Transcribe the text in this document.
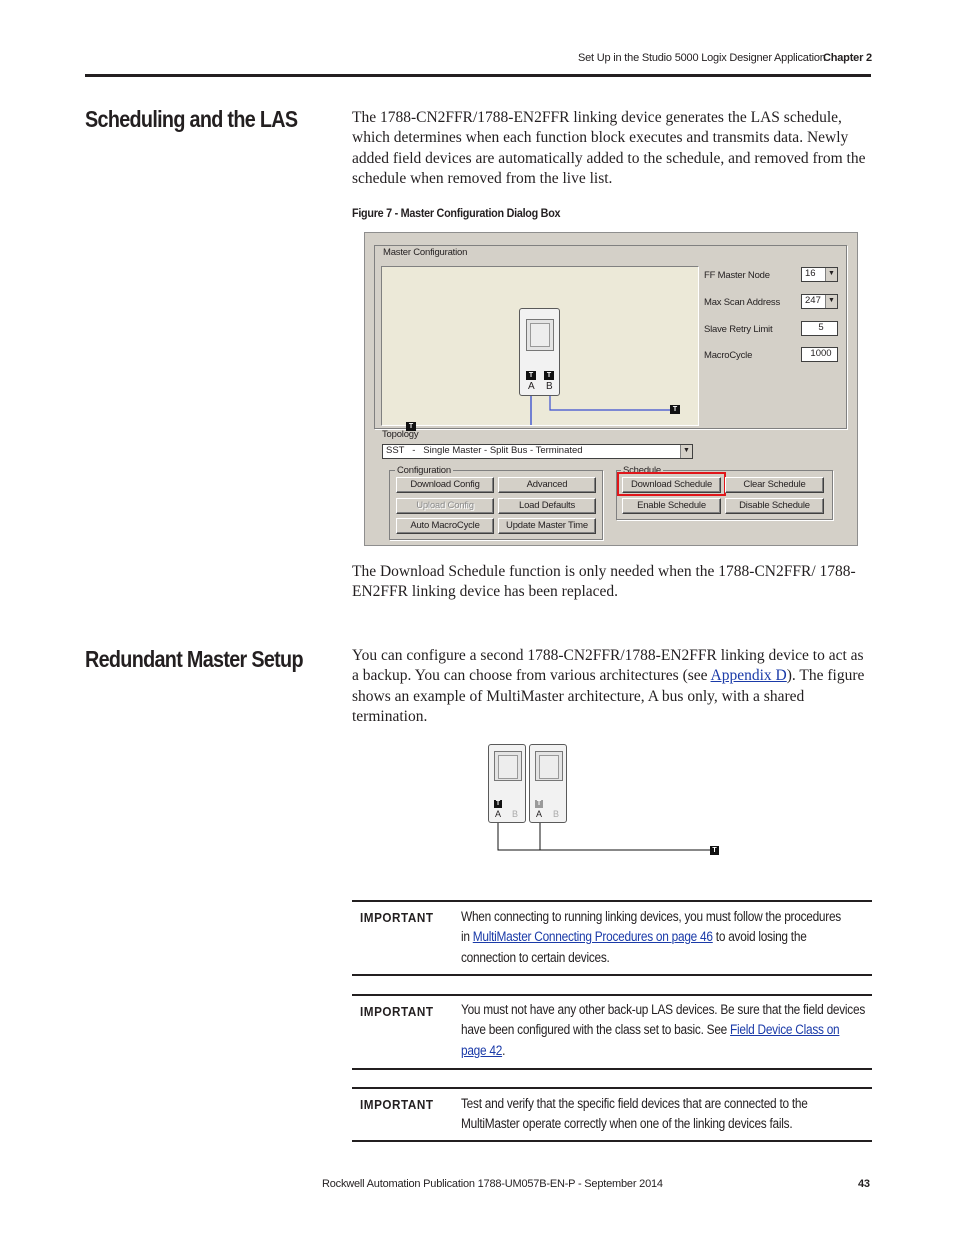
Set Up in the Studio 5000 Logix Designer Application
Chapter 2
Scheduling and the LAS	The 1788-CN2FFR/1788-EN2FFR linking device generates the LAS schedule, which determines when each function block executes and transmits data. Newly added field devices are automatically added to the schedule, and removed from the schedule when removed from the live list.
Figure 7 - Master Configuration Dialog Box
Master Configuration
T	T
A B
T
T
FF Master Node	16	▼
Max Scan Address	247	▼
Slave Retry Limit	5
MacroCycle	1000
Topology
SST   -   Single Master - Split Bus - Terminated	▼
Configuration
Download Config	Advanced
Upload Config	Load Defaults
Auto MacroCycle	Update Master Time
Schedule
Download Schedule	Clear Schedule
Enable Schedule	Disable Schedule
The Download Schedule function is only needed when the 1788-CN2FFR/ 1788-EN2FFR linking device has been replaced.
Redundant Master Setup	You can configure a second 1788-CN2FFR/1788-EN2FFR linking device to act as a backup. You can choose from various architectures (see Appendix D). The figure shows an example of MultiMaster architecture, A bus only, with a shared termination.
T
A B
T
A B
T
IMPORTANT When connecting to running linking devices, you must follow the procedures
in MultiMaster Connecting Procedures on page 46 to avoid losing the
connection to certain devices.
IMPORTANT You must not have any other back-up LAS devices. Be sure that the field devices
have been configured with the class set to basic. See Field Device Class on
page 42.
IMPORTANT Test and verify that the specific field devices that are connected to the
MultiMaster operate correctly when one of the linking devices fails.
Rockwell Automation Publication 1788-UM057B-EN-P - September 2014	43
